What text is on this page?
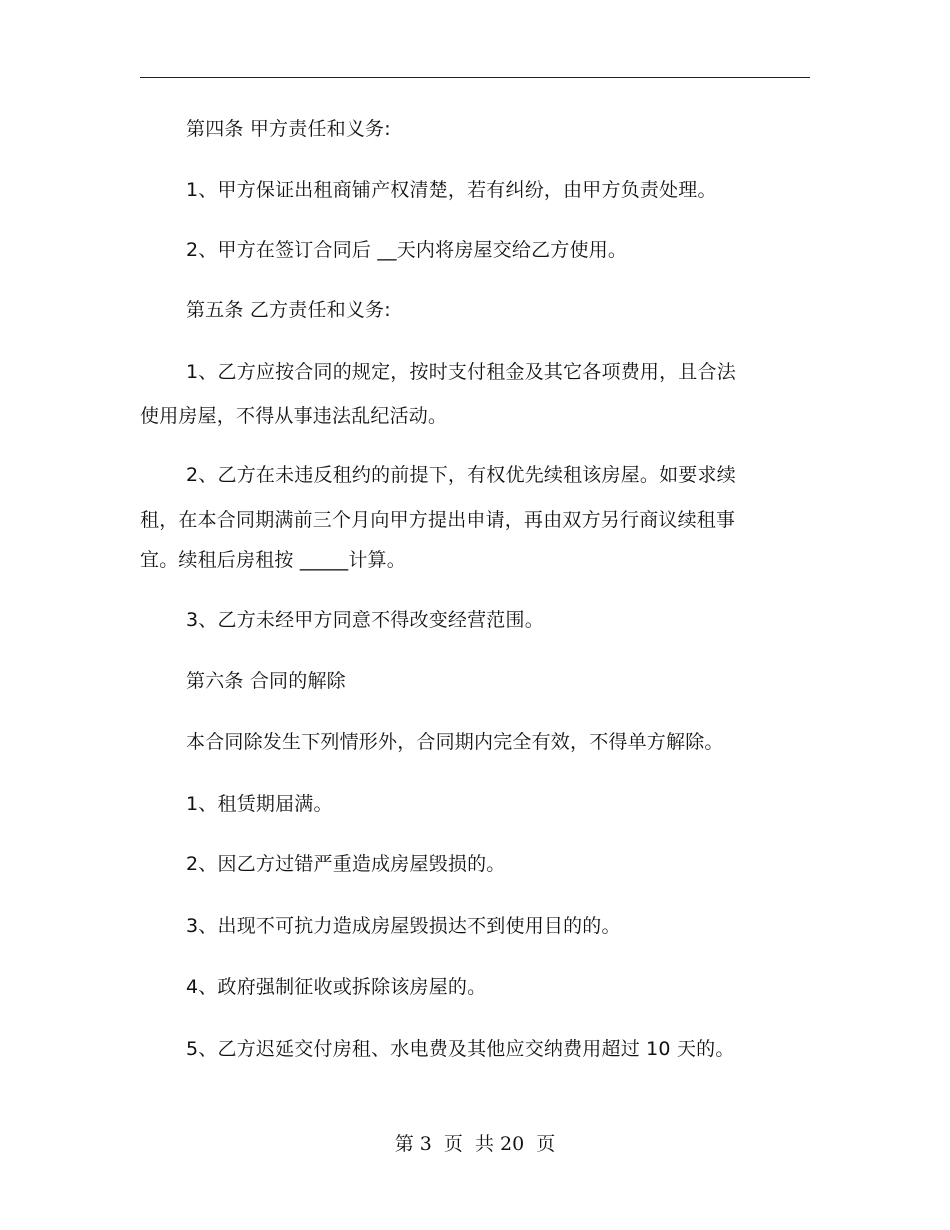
第四条 甲方责任和义务:
1、甲方保证出租商铺产权清楚，若有纠纷，由甲方负责处理。
2、甲方在签订合同后 __天内将房屋交给乙方使用。
第五条 乙方责任和义务:
1、乙方应按合同的规定，按时支付租金及其它各项费用，且合法
使用房屋，不得从事违法乱纪活动。
2、乙方在未违反租约的前提下，有权优先续租该房屋。如要求续
租，在本合同期满前三个月向甲方提出申请，再由双方另行商议续租事
宜。续租后房租按 _____计算。
3、乙方未经甲方同意不得改变经营范围。
第六条 合同的解除
本合同除发生下列情形外，合同期内完全有效，不得单方解除。
1、租赁期届满。
2、因乙方过错严重造成房屋毁损的。
3、出现不可抗力造成房屋毁损达不到使用目的的。
4、政府强制征收或拆除该房屋的。
5、乙方迟延交付房租、水电费及其他应交纳费用超过 10 天的。
第 3  页  共 20  页
